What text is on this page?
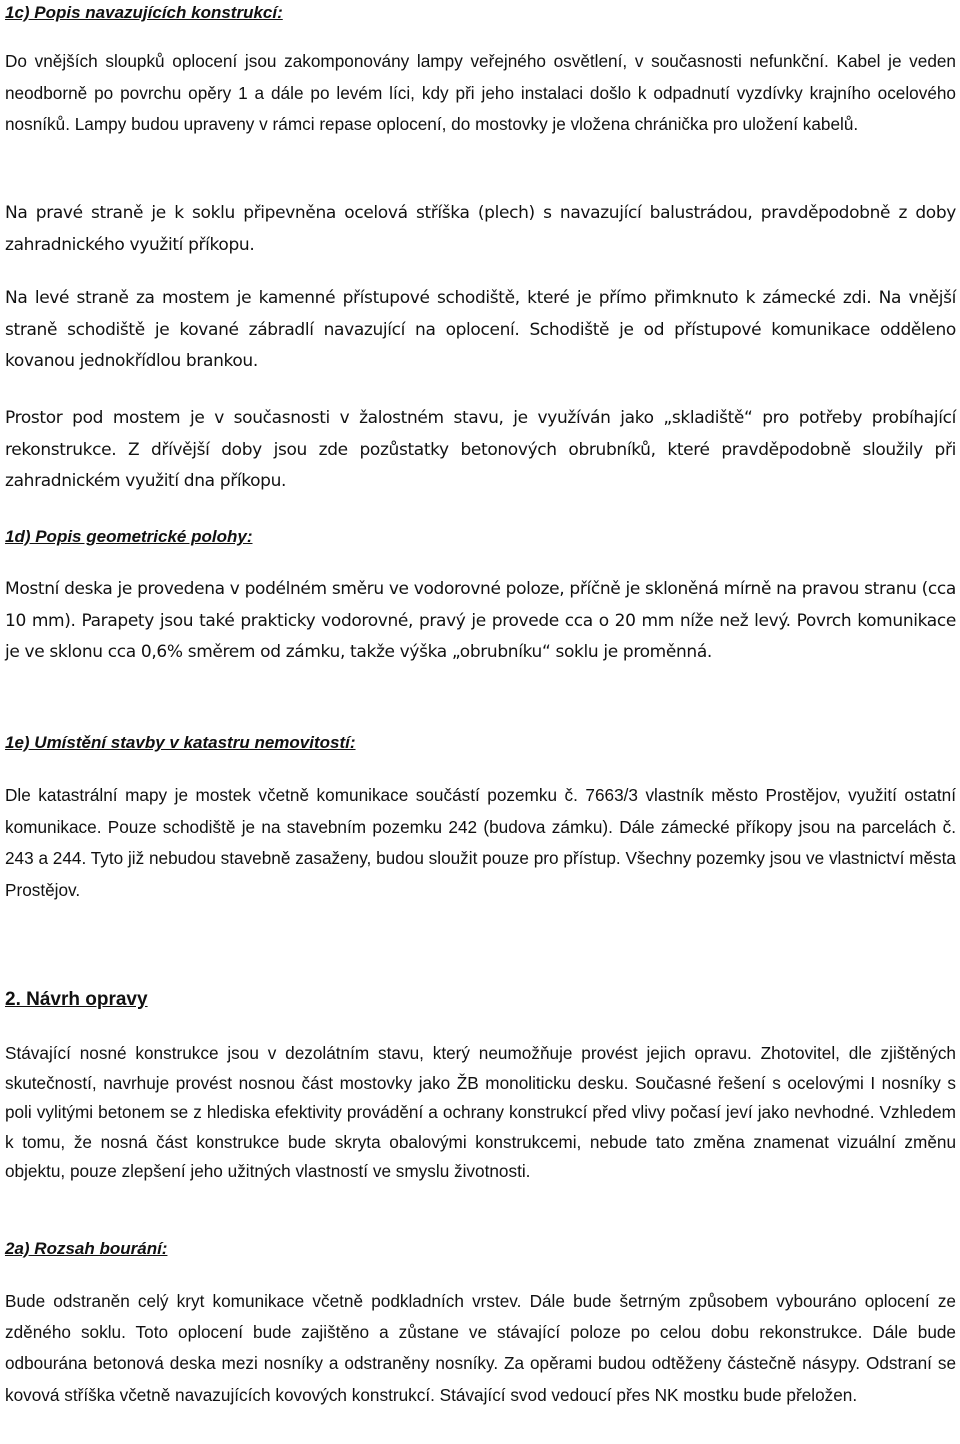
1c) Popis navazujících konstrukcí:

Do vnějších sloupků oplocení jsou zakomponovány lampy veřejného osvětlení, v současnosti nefunkční. Kabel je veden neodborně po povrchu opěry 1 a dále po levém líci, kdy při jeho instalaci došlo k odpadnutí vyzdívky krajního ocelového nosníků. Lampy budou upraveny v rámci repase oplocení, do mostovky je vložena chránička pro uložení kabelů.

Na pravé straně je k soklu připevněna ocelová stříška (plech) s navazující balustrádou, pravděpodobně z doby zahradnického využití příkopu.

Na levé straně za mostem je kamenné přístupové schodiště, které je přímo přimknuto k zámecké zdi. Na vnější straně schodiště je kované zábradlí navazující na oplocení. Schodiště je od přístupové komunikace odděleno kovanou jednokřídlou brankou.

Prostor pod mostem je v současnosti v žalostném stavu, je využíván jako „skladiště“ pro potřeby probíhající rekonstrukce. Z dřívější doby jsou zde pozůstatky betonových obrubníků, které pravděpodobně sloužily při zahradnickém využití dna příkopu.

1d) Popis geometrické polohy:

Mostní deska je provedena v podélném směru ve vodorovné poloze, příčně je skloněná mírně na pravou stranu (cca 10 mm). Parapety jsou také prakticky vodorovné, pravý je provede cca o 20 mm níže než levý. Povrch komunikace je ve sklonu cca 0,6% směrem od zámku, takže výška „obrubníku“ soklu je proměnná.

1e) Umístění stavby v katastru nemovitostí:

Dle katastrální mapy je mostek včetně komunikace součástí pozemku č. 7663/3 vlastník město Prostějov, využití ostatní komunikace. Pouze schodiště je na stavebním pozemku 242 (budova zámku). Dále zámecké příkopy jsou na parcelách č. 243 a 244. Tyto již nebudou stavebně zasaženy, budou sloužit pouze pro přístup. Všechny pozemky jsou ve vlastnictví města Prostějov.

2. Návrh opravy

Stávající nosné konstrukce jsou v dezolátním stavu, který neumožňuje provést jejich opravu. Zhotovitel, dle zjištěných skutečností, navrhuje provést nosnou část mostovky jako ŽB monoliticku desku. Současné řešení s ocelovými I nosníky s poli vylitými betonem se z hlediska efektivity provádění a ochrany konstrukcí před vlivy počasí jeví jako nevhodné. Vzhledem k tomu, že nosná část konstrukce bude skryta obalovými konstrukcemi, nebude tato změna znamenat vizuální změnu objektu, pouze zlepšení jeho užitných vlastností ve smyslu životnosti.

2a) Rozsah bourání:

Bude odstraněn celý kryt komunikace včetně podkladních vrstev. Dále bude šetrným způsobem vybouráno oplocení ze zděného soklu. Toto oplocení bude zajištěno a zůstane ve stávající poloze po celou dobu rekonstrukce. Dále bude odbourána betonová deska mezi nosníky a odstraněny nosníky. Za opěrami budou odtěženy částečně násypy. Odstraní se kovová stříška včetně navazujících kovových konstrukcí. Stávající svod vedoucí přes NK mostku bude přeložen.
